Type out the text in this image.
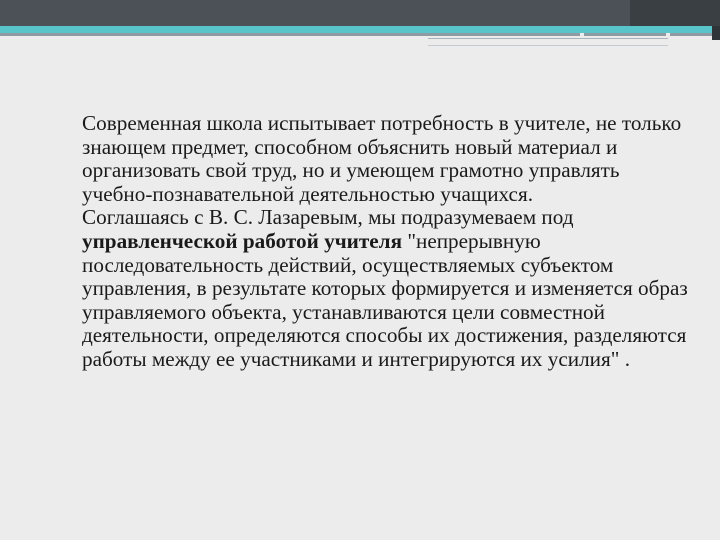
Современная школа испытывает потребность в учителе, не только знающем предмет, способном объяснить новый материал и организовать свой труд, но и умеющем грамотно управлять учебно-познавательной деятельностью учащихся.

Соглашаясь с В. С. Лазаревым, мы подразумеваем под управленческой работой учителя "непрерывную последовательность действий, осуществляемых субъектом управления, в результате которых формируется и изменяется образ управляемого объекта, устанавливаются цели совместной деятельности, определяются способы их достижения, разделяются работы между ее участниками и интегрируются их усилия" .
